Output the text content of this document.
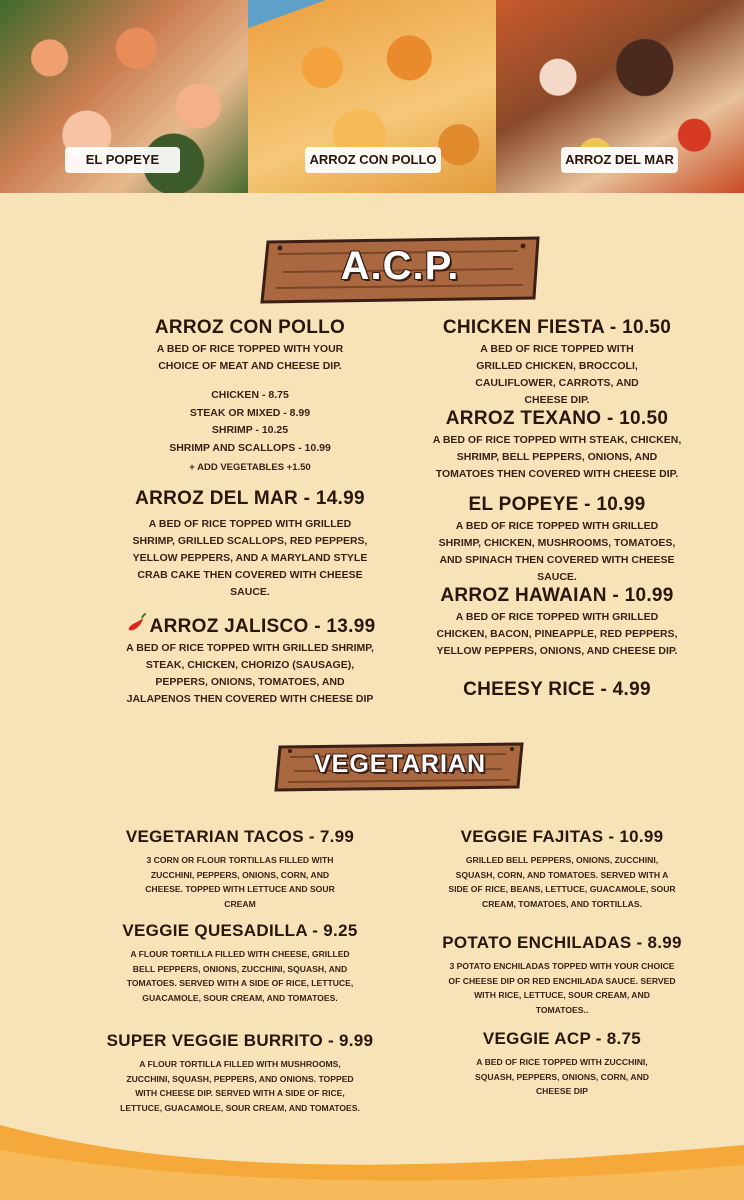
EL POPEYE	ARROZ CON POLLO	ARROZ DEL MAR
A.C.P.
ARROZ CON POLLO
A BED OF RICE TOPPED WITH YOUR CHOICE OF MEAT AND CHEESE DIP.
CHICKEN - 8.75
STEAK OR MIXED - 8.99
SHRIMP - 10.25
SHRIMP AND SCALLOPS - 10.99
+ ADD VEGETABLES +1.50
ARROZ DEL MAR - 14.99
A BED OF RICE TOPPED WITH GRILLED SHRIMP, GRILLED SCALLOPS, RED PEPPERS, YELLOW PEPPERS, AND A MARYLAND STYLE CRAB CAKE THEN COVERED WITH CHEESE SAUCE.
ARROZ JALISCO - 13.99
A BED OF RICE TOPPED WITH GRILLED SHRIMP, STEAK, CHICKEN, CHORIZO (SAUSAGE), PEPPERS, ONIONS, TOMATOES, AND JALAPENOS THEN COVERED WITH CHEESE DIP
CHICKEN FIESTA - 10.50
A BED OF RICE TOPPED WITH GRILLED CHICKEN, BROCCOLI, CAULIFLOWER, CARROTS, AND CHEESE DIP.
ARROZ TEXANO - 10.50
A BED OF RICE TOPPED WITH STEAK, CHICKEN, SHRIMP, BELL PEPPERS, ONIONS, AND TOMATOES THEN COVERED WITH CHEESE DIP.
EL POPEYE - 10.99
A BED OF RICE TOPPED WITH GRILLED SHRIMP, CHICKEN, MUSHROOMS, TOMATOES, AND SPINACH THEN COVERED WITH CHEESE SAUCE.
ARROZ HAWAIAN - 10.99
A BED OF RICE TOPPED WITH GRILLED CHICKEN, BACON, PINEAPPLE, RED PEPPERS, YELLOW PEPPERS, ONIONS, AND CHEESE DIP.
CHEESY RICE - 4.99
VEGETARIAN
VEGETARIAN TACOS - 7.99
3 CORN OR FLOUR TORTILLAS FILLED WITH ZUCCHINI, PEPPERS, ONIONS, CORN, AND CHEESE. TOPPED WITH LETTUCE AND SOUR CREAM
VEGGIE QUESADILLA - 9.25
A FLOUR TORTILLA FILLED WITH CHEESE, GRILLED BELL PEPPERS, ONIONS, ZUCCHINI, SQUASH, AND TOMATOES. SERVED WITH A SIDE OF RICE, LETTUCE, GUACAMOLE, SOUR CREAM, AND TOMATOES.
SUPER VEGGIE BURRITO - 9.99
A FLOUR TORTILLA FILLED WITH MUSHROOMS, ZUCCHINI, SQUASH, PEPPERS, AND ONIONS. TOPPED WITH CHEESE DIP. SERVED WITH A SIDE OF RICE, LETTUCE, GUACAMOLE, SOUR CREAM, AND TOMATOES.
VEGGIE FAJITAS - 10.99
GRILLED BELL PEPPERS, ONIONS, ZUCCHINI, SQUASH, CORN, AND TOMATOES. SERVED WITH A SIDE OF RICE, BEANS, LETTUCE, GUACAMOLE, SOUR CREAM, TOMATOES, AND TORTILLAS.
POTATO ENCHILADAS - 8.99
3 POTATO ENCHILADAS TOPPED WITH YOUR CHOICE OF CHEESE DIP OR RED ENCHILADA SAUCE. SERVED WITH RICE, LETTUCE, SOUR CREAM, AND TOMATOES..
VEGGIE ACP - 8.75
A BED OF RICE TOPPED WITH ZUCCHINI, SQUASH, PEPPERS, ONIONS, CORN, AND CHEESE DIP
